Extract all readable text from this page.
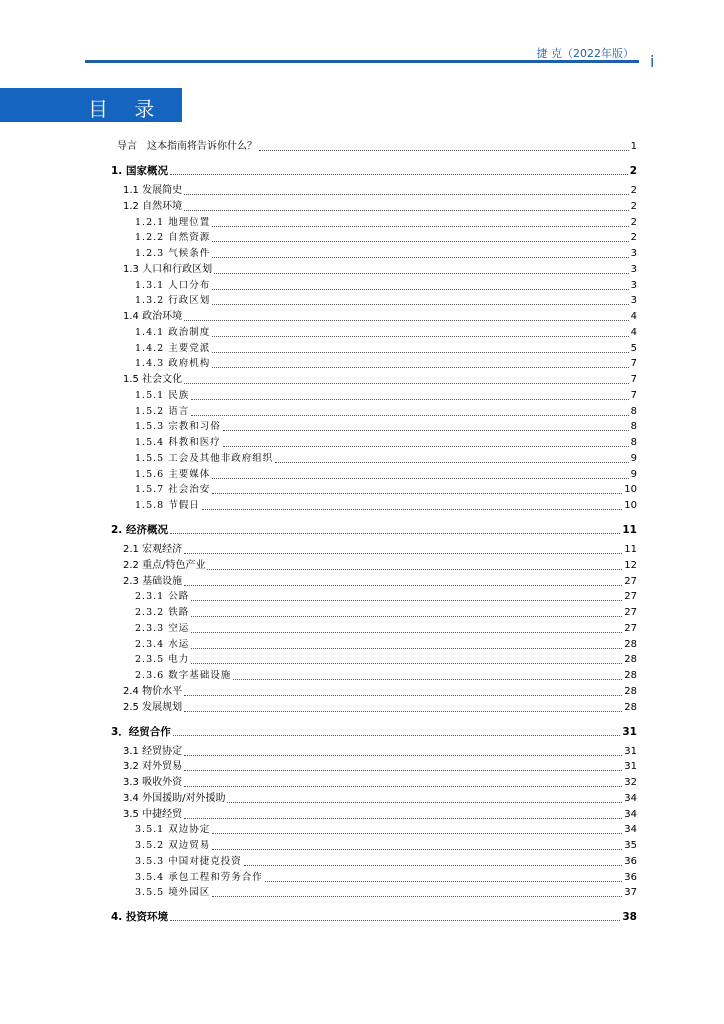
捷 克（2022年版） i
目 录
导言　这本指南将告诉你什么？	1
1. 国家概况	2
1.1 发展简史	2
1.2 自然环境	2
1.2.1 地理位置	2
1.2.2 自然资源	2
1.2.3 气候条件	3
1.3 人口和行政区划	3
1.3.1 人口分布	3
1.3.2 行政区划	3
1.4 政治环境	4
1.4.1 政治制度	4
1.4.2 主要党派	5
1.4.3 政府机构	7
1.5 社会文化	7
1.5.1 民族	7
1.5.2 语言	8
1.5.3 宗教和习俗	8
1.5.4 科教和医疗	8
1.5.5 工会及其他非政府组织	9
1.5.6 主要媒体	9
1.5.7 社会治安	10
1.5.8 节假日	10
2. 经济概况	11
2.1 宏观经济	11
2.2 重点/特色产业	12
2.3 基础设施	27
2.3.1 公路	27
2.3.2 铁路	27
2.3.3 空运	27
2.3.4 水运	28
2.3.5 电力	28
2.3.6 数字基础设施	28
2.4 物价水平	28
2.5 发展规划	28
3．经贸合作	31
3.1 经贸协定	31
3.2 对外贸易	31
3.3 吸收外资	32
3.4 外国援助/对外援助	34
3.5 中捷经贸	34
3.5.1 双边协定	34
3.5.2 双边贸易	35
3.5.3 中国对捷克投资	36
3.5.4 承包工程和劳务合作	36
3.5.5 境外园区	37
4. 投资环境	38
